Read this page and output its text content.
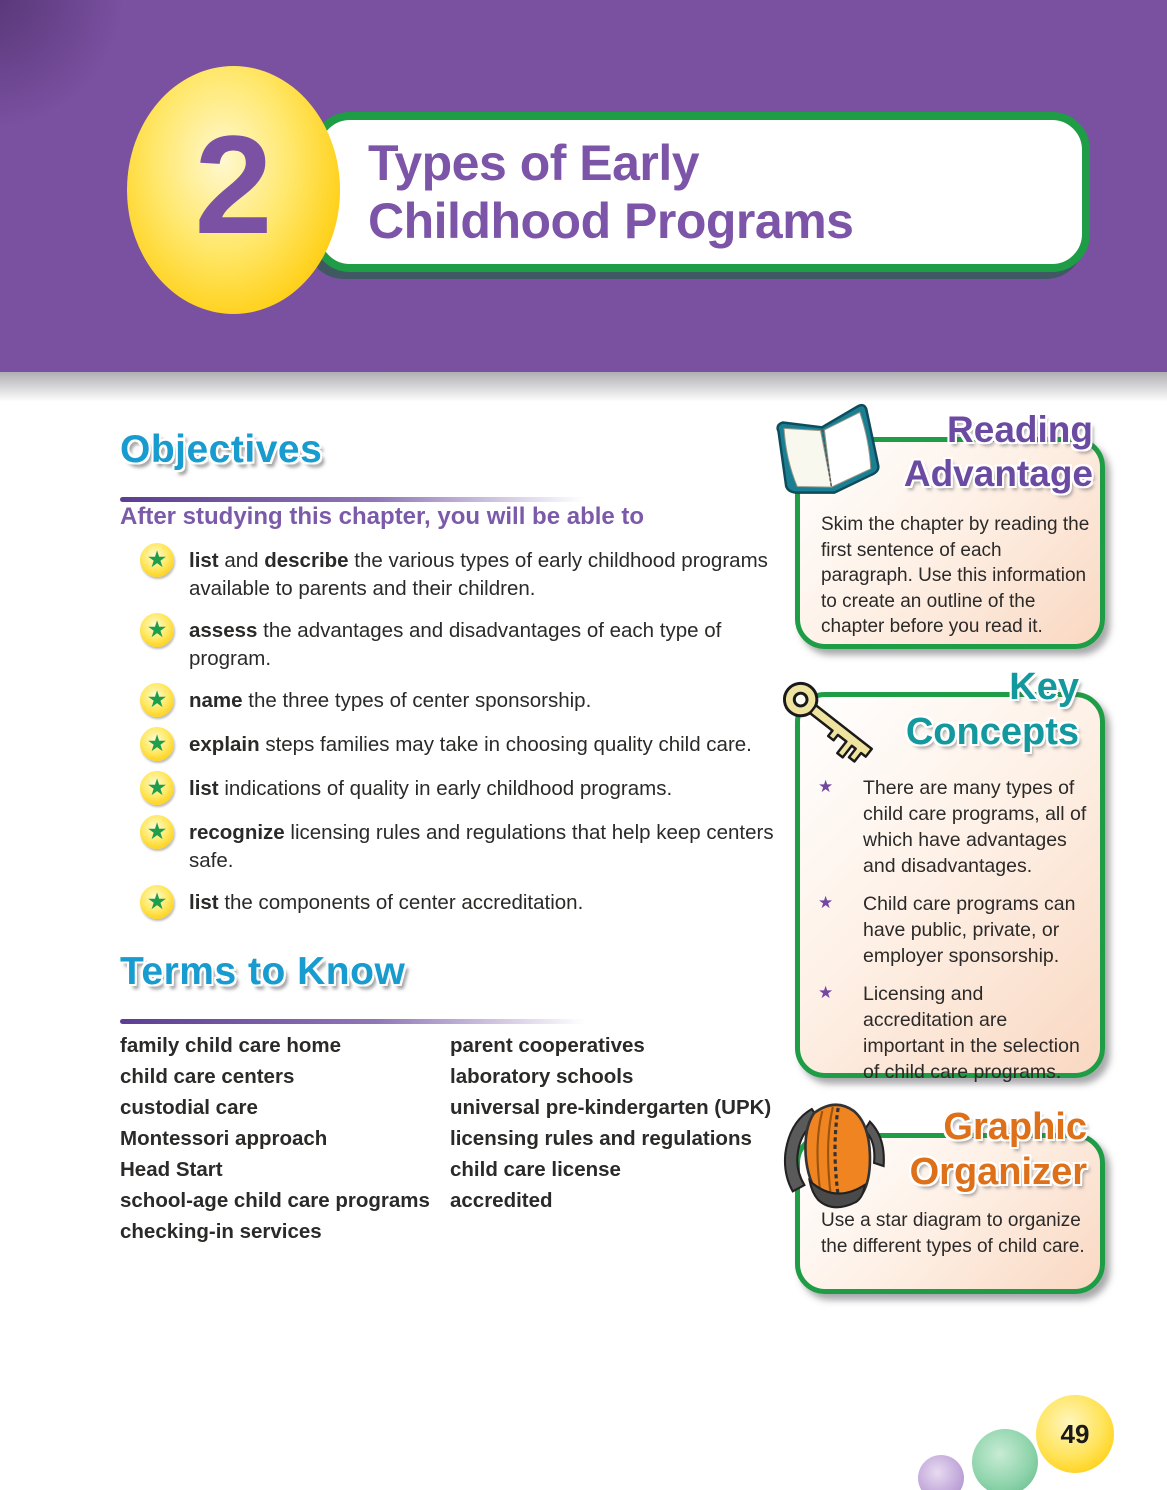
Types of Early
Childhood Programs
2
Objectives
After studying this chapter, you will be able to
★ list and describe the various types of early childhood programs available to parents and their children.
★ assess the advantages and disadvantages of each type of program.
★ name the three types of center sponsorship.
★ explain steps families may take in choosing quality child care.
★ list indications of quality in early childhood programs.
★ recognize licensing rules and regulations that help keep centers safe.
★ list the components of center accreditation.
Terms to Know
family child care home
child care centers
custodial care
Montessori approach
Head Start
school-age child care programs
checking-in services
parent cooperatives
laboratory schools
universal pre-kindergarten (UPK)
licensing rules and regulations
child care license
accredited
Skim the chapter by reading the first sentence of each paragraph. Use this information to create an outline of the chapter before you read it.
Reading
Advantage
★	There are many types of child care programs, all of which have advantages and disadvantages.
★	Child care programs can have public, private, or employer sponsorship.
★	Licensing and accreditation are important in the selection of child care programs.
Key
Concepts
Use a star diagram to organize the different types of child care.
Graphic
Organizer
49
